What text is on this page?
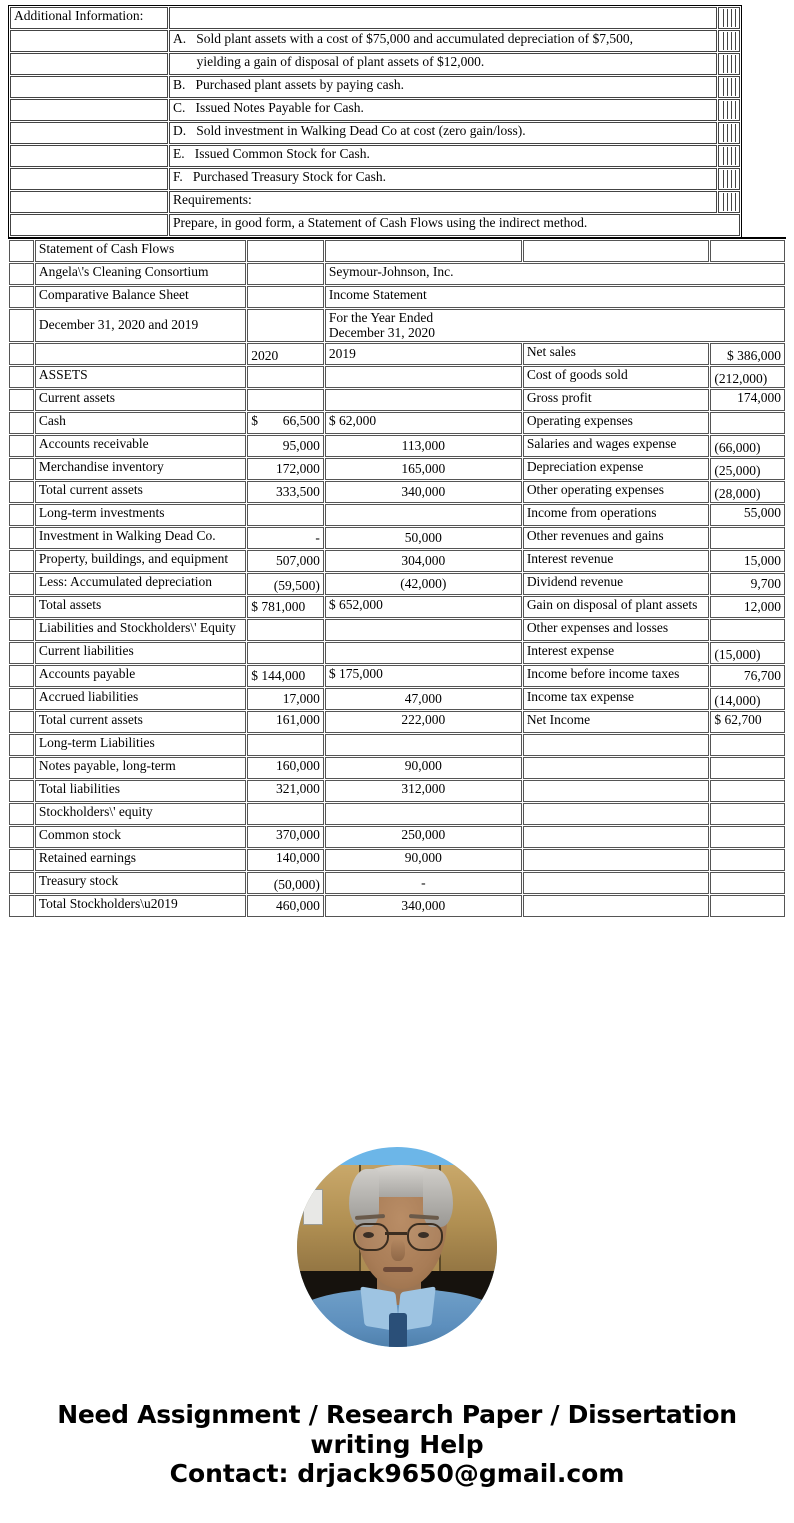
Additional Information:		

	A.   Sold plant assets with a cost of $75,000 and accumulated depreciation of $7,500,	

	yielding a gain of disposal of plant assets of $12,000.	

	B.   Purchased plant assets by paying cash.	

	C.   Issued Notes Payable for Cash.	

	D.   Sold investment in Walking Dead Co at cost (zero gain/loss).	

	E.   Issued Common Stock for Cash.	

	F.   Purchased Treasury Stock for Cash.	

	Requirements:	

	Prepare, in good form, a Statement of Cash Flows using the indirect method.	
	Statement of Cash Flows				
	Angela\'s Cleaning Consortium		Seymour-Johnson, Inc.		
	Comparative Balance Sheet		Income Statement		
	December 31, 2020 and 2019		For the Year Ended
December 31, 2020		

		2020	2019	Net sales	$ 386,000
	ASSETS			Cost of goods sold	(212,000)
	Current assets			Gross profit	174,000
	Cash	$ 66,500	$ 62,000	Operating expenses	
	Accounts receivable	95,000	113,000	Salaries and wages expense	(66,000)
	Merchandise inventory	172,000	165,000	Depreciation expense	(25,000)
	Total current assets	333,500	340,000	Other operating expenses	(28,000)
	Long-term investments			Income from operations	55,000
	Investment in Walking Dead Co.	-	50,000	Other revenues and gains	
	Property, buildings, and equipment	507,000	304,000	Interest revenue	15,000
	Less: Accumulated depreciation	(59,500)	(42,000)	Dividend revenue	9,700
	Total assets	$ 781,000	$ 652,000	Gain on disposal of plant assets	12,000
	Liabilities and Stockholders\' Equity			Other expenses and losses	
	Current liabilities			Interest expense	(15,000)
	Accounts payable	$ 144,000	$ 175,000	Income before income taxes	76,700
	Accrued liabilities	17,000	47,000	Income tax expense	(14,000)
	Total current assets	161,000	222,000	Net Income	$ 62,700
	Long-term Liabilities				
	Notes payable, long-term	160,000	90,000		
	Total liabilities	321,000	312,000		
	Stockholders\' equity				
	Common stock	370,000	250,000		
	Retained earnings	140,000	90,000		
	Treasury stock	(50,000)	-		
	Total Stockholders\u2019	460,000	340,000		
Need Assignment / Research Paper / Dissertation
writing Help
Contact: drjack9650@gmail.com
